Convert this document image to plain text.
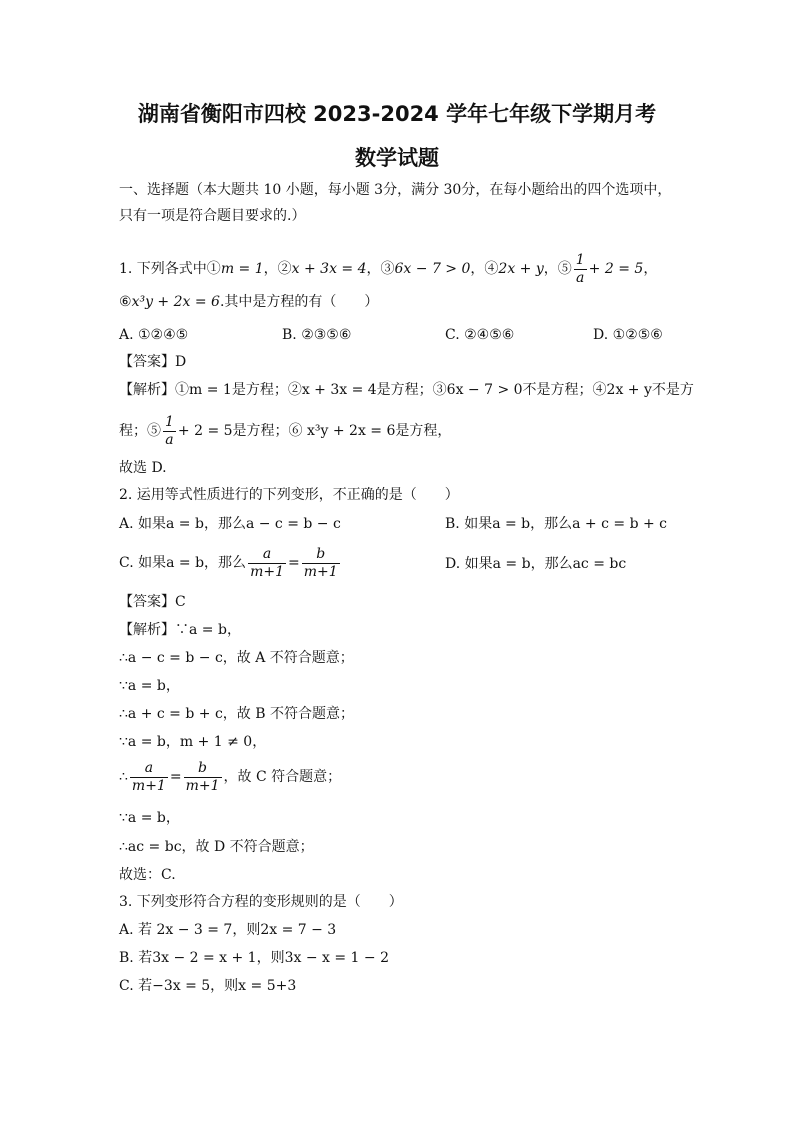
湖南省衡阳市四校 2023-2024 学年七年级下学期月考
数学试题
一、选择题（本大题共 10 小题，每小题 3分，满分 30分，在每小题给出的四个选项中，
只有一项是符合题目要求的.）
1. 下列各式中①m = 1，②x + 3x = 4，③6x − 7 > 0，④2x + y，⑤ $\frac{1}{a} + 2 = 5$，
⑥x³y + 2x = 6.其中是方程的有（　　）
A. ①②④⑤	B. ②③⑤⑥	C. ②④⑤⑥	D. ①②⑤⑥
【答案】D
【解析】①m = 1是方程；②x + 3x = 4是方程；③6x − 7 > 0不是方程；④2x + y不是方
程；⑤ $\frac{1}{a} + 2 = 5$是方程；⑥ x³y + 2x = 6是方程，
故选 D.
2. 运用等式性质进行的下列变形，不正确的是（　　）
A. 如果a = b，那么a − c = b − c	B. 如果a = b，那么a + c = b + c
C. 如果a = b，那么 $\frac{a}{m+1} = \frac{b}{m+1}$	D. 如果a = b，那么ac = bc
【答案】C
【解析】∵a = b，
∴a − c = b − c，故 A 不符合题意；
∵a = b，
∴a + c = b + c，故 B 不符合题意；
∵a = b，m + 1 ≠ 0，
∴ $\frac{a}{m+1} = \frac{b}{m+1}$ ，故 C 符合题意；
∵a = b，
∴ac = bc，故 D 不符合题意；
故选：C.
3. 下列变形符合方程的变形规则的是（　　）
A. 若 2x − 3 = 7，则2x = 7 − 3
B. 若3x − 2 = x + 1，则3x − x = 1 − 2
C. 若−3x = 5，则x = 5+3
